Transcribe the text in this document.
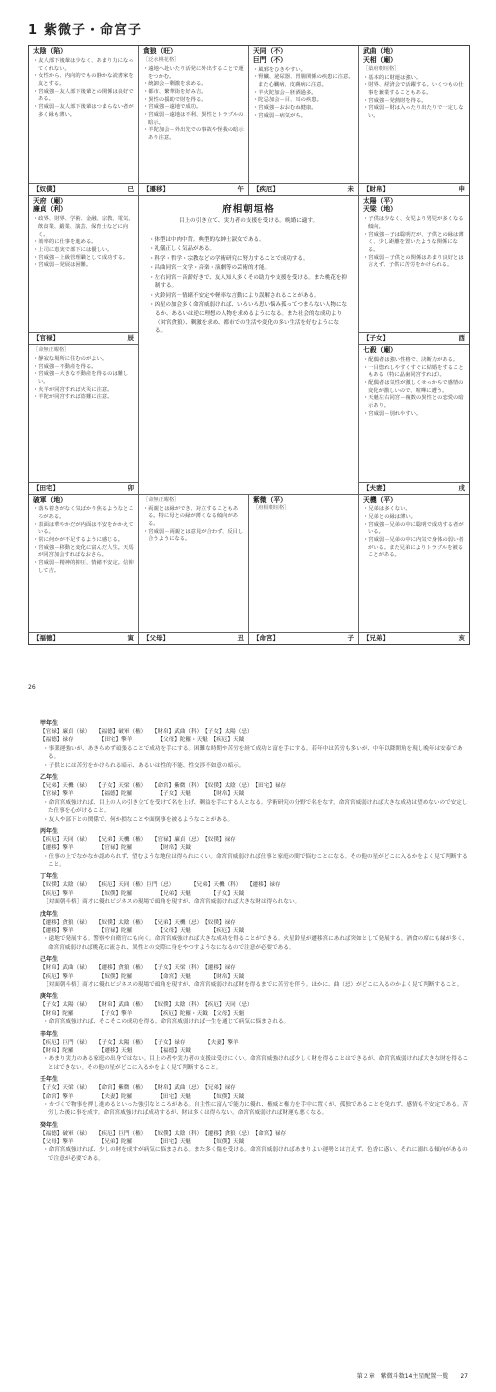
1 紫微子・命宮子
太陰（陷）
・友人部下後輩は少なく、あまり力になってくれない。
・女性から、内向的でもの静かな読書家を友とする。
・宮威強－友人部下後輩との関係は良好である。
・宮威弱－友人部下後輩はつまらない者が多く縁も薄い。
【奴僕】	巳
貪狼（旺）
［泛水桃花格］
・遠地へ赴いたり活発に外出することで運をつかむ。
・統卸会－剰激を求める。
・都市、繁華街を好み吉。
・異性の援助で財を得る。
・宮威強－遠地で成功。
・宮威弱－遠地は不利、異性とトラブルの暗示。
・羊陀加会－外出先での事故や怪我の暗示あり注意。
【遷移】	午
天同（不）
巨門（不）
・風邪をひきやすい。
・腎臓、泌尿器、胃腸関係の疾患に注意。また心臓病、皮膚病に注意。
・羊火陀加会－胚酒過多。
・陀忌加会－目、耳の疾患。
・宮威強－おおむね健康。
・宮威弱－病気がち。
【疾厄】	未
武曲（地）
天相（廟）
［築府朝垣格］
・基本的に財運は強い。
・財界、経済会で活躍する。いくつもの仕事を兼業することもある。
・宮威強－発熱財を得る。
・宮威弱－財は入ったり出たりで一定しない。
【財帛】	申
天府（廟）
廉貞（利）
・政界、財界、学術、金融、宗教、電気、飲食業、鍛業、演芸、保育士などに向く。
・効率的に仕事を進める。
・上司に恵実で部下には優しい。
・宮威強－上級管理職として成功する。
・宮威弱－発展は困難。
【官禄】	辰
太陽（平）
天梁（地）
・子供は少なく、女児より男児が多くなる傾向。
・宮威強－子は聡明だが、子供との縁は薄く、少し距離を置いたような関係になる。
・宮威弱－子供との関係はあまり良好とは言えず、子供に苦労をかけられる。
【子女】	酉
［命無正曜格］
・静寂な場所に住むのがよい。
・宮威強－不動産を得る。
・宮威強－大きな不動産を得るのは難しい。
・火羊が同宮すれば火災に注意。
・羊陀が同宮すれば盗難に注意。
【田宅】	卯
七殺（廟）
・配偶者は強い性格で、決断力がある。
・一目惚れしやすくすぐに結婚をすることもある（特に晶歯同宮すれば）。
・配偶者は気性が激しくせっかちで感情の変化が激しいので、喧嘩に遭う。
・天魁左右同宮－複数の異性との恋愛の暗示あり。
・宮威弱－別れやすい。
【夫妻】	戌
破軍（地）
・落ち着きがなく気ばかり焦るようなところがある。
・表面は華やかだが内面は不安をかかえている。
・常に何かが不足するように感じる。
・宮威強－移動と変化に富んだ人生。天馬が同宮加会すればなおさら。
・宮威弱－精神的抑圧、情緒不安定。信仰して吉。
【福德】	寅
［命無正曜格］
・両親とは縁ができ、対立することもある。特に母との縁が薄くなる傾向がある。
・宮威弱－両親とは意見が合わず、反目し合うようになる。
【父母】	丑
紫微（平）
［府相朝垣格］
【命宮】	子
天機（平）
・兄弟は多くない。
・兄弟との縁は薄い。
・宮威強－兄弟の中に聡明で成功する者がいる。
・宮威弱－兄弟の中に内気で身体の弱い者がいる。また兄弟によりトラブルを被ることがある。
【兄弟】	亥
府相朝垣格
目上の引き立て、実力者の支援を受ける。晩婚に適す。
・体型は中肉中背。典型的な紳士淑女である。
・礼儀正しく気品がある。
・科学・哲学・宗教などの学術研究に努力することで成功する。
・昌曲同宮－文学・音楽・演劇等の芸術的才能。
・左右同宮－音薪好きで、友人知人多くその助力や支援を受ける。また桃花を抑制する。
・火鈴同宮－情緒不安定や軽率な言動により誤解されることがある。
・凶星の加会多く命宮威弱ければ、いろいろ思い悩み孤ってつまらない人物になるか、あるいは逆に理想の人物を求めるようになる。また社会的な成功より（対宮貪狼）、剰激を求め、都市での生活や変化の多い生活を好むようになる。
26
甲年生
【官禄】廉貞（禄）　　【福德】破軍（権）　　【財帛】武曲（科）　【子女】太陽（忌）
【福德】禄存　　　　　【田宅】擎羊　　　　　【父母】陀羅・天魁　【疾厄】天鉞
・事業運強いが、あきらめず頑張ることで成功を手にする。困難な時期や苦労を経て成功と富を手にする。若年中は苦労も多いが、中年以降開角を現し晩年は安泰である。
・子供とには苦労をかけられる暗示、あるいは性的不能、性交渉不如意の暗示。
乙年生
【兄弟】天機（禄）　　【子女】天梁（権）　　【命宮】紫微（科）　【奴僕】太陰（忌）　【田宅】禄存
【官禄】擎羊　　　　　【福德】陀羅　　　　　【子女】天魁　　　　【財帛】天鉞
・命宮宮威強ければ、目上の人の引き立てを受けて名を上げ、剰益を手にする人となる。学術研究の分野で名をなす。命宮宮威弱ければ大きな成功は望めないので安定した仕事を心がけること。
・友人や部下との関係で、何か損なことや面倒事を被るようなことがある。
丙年生
【疾厄】天同（禄）　　【兄弟】天機（権）　　【官禄】廉貞（忌）　【奴僕】禄存
【遷移】擎羊　　　　　【官禄】陀羅　　　　　【財帛】天鉞
・仕事の上でなかなか認められず、望むような地位は得られにくい。命宮宮威弱ければ仕事と家庭の間で悩むことになる。その他の星がどこに入るかをよく見て判断すること。
丁年生
【奴僕】太陰（禄）　　【疾厄】天同（権）巨門（忌）　　　　【兄弟】天機（科）　　【遷移】禄存
【疾厄】擎羊　　　　　【奴僕】陀羅　　　　　【兄弟】天魁　　　　【子女】天鉞
［対面朝斗格］商才に優れビジネスの現場で頭角を現すが、命宮宮威弱ければ大きな財は得られない。
戊年生
【遷移】貪狼（禄）　　【奴僕】太陰（権）　　【兄弟】天機（忌）　【奴僕】禄存
【遷移】擎羊　　　　　【官禄】陀羅　　　　　【父母】天魁　　　　【疾厄】天鉞
・遠地で発展する。警察や自衛官にも向く。命宮宮威強ければ大きな成功を得ることができる。火星鈴星が遷移宮にあれば突如として発展する。酒食の席にも縁が多く、命宮宮威弱ければ桃花に流され、異性との交際に身をやつすようなになるので注意が必要である。
己年生
【財帛】武曲（禄）　　【遷移】貪狼（権）　　【子女】天梁（科）　【遷移】禄存
【疾厄】擎羊　　　　　【奴僕】陀羅　　　　　【命宮】天魁　　　　【財帛】天鉞
［対面朝斗格］商才に優れビジネスの現場で頭角を現すが、命宮宮威弱ければ財を得るまでに苦労を伴う。ほかに、曲（忌）がどこに入るのかよく見て判断すること。
庚年生
【子女】太陽（禄）　　【財帛】武曲（権）　　【奴僕】太陰（科）　【疾厄】天同（忌）
【財帛】陀羅　　　　　【子女】擎羊　　　　　【疾厄】陀羅・天鉞　【父母】天魁
・命宮宮威強ければ、そこそこの成功を得る。命宮宮威弱ければ一生を通じて病気に悩まされる。
辛年生
【疾厄】巨門（禄）　　【子女】太陽（権）　　【子女】禄存　　　　【夫妻】擎羊
【財帛】陀羅　　　　　【遷移】天魁　　　　　【福德】天鉞
・あまり実力のある家庭の出身ではない。目上の者や実力者の支援は受けにくい。命宮宮威強ければ少しく財を得ることはできるが、命宮宮威弱ければ大きな財を得ることはできない。その他の星がどこに入るかをよく見て判断すること。
壬年生
【子女】天梁（禄）　　【命宮】紫微（権）　　【財帛】武曲（忌）　【兄弟】禄存
【命宮】擎羊　　　　　【夫妻】陀羅　　　　　【田宅】天魁　　　　【奴僕】天鉞
・カづくで物事を押し進めるといった強引なところがある。自主性に富んで能力に優れ、権威と権力を手中に置くが、孤独であることを免れず、感情も不安定である。苦労した後に事を成す。命宮宮威強ければ成功するが、財は多くは得らない。命宮宮威弱ければ財運も悪くなる。
癸年生
【福德】破軍（禄）　　【疾厄】巨門（権）　　【奴僕】太陰（科）　【遷移】貪狼（忌）　【命宮】禄存
【父母】擎羊　　　　　【兄弟】陀羅　　　　　【田宅】天魁　　　　【奴僕】天鉞
・命宮宮威強ければ、少しの財を成すが病気に悩まされる。また多く傷を受ける。命宮宮威弱ければあまりよい運勢とは言えず、色香に惑い、それに溺れる傾向があるので注意が必要である。
第２章　紫微斗数14主星配置一覧　　27
